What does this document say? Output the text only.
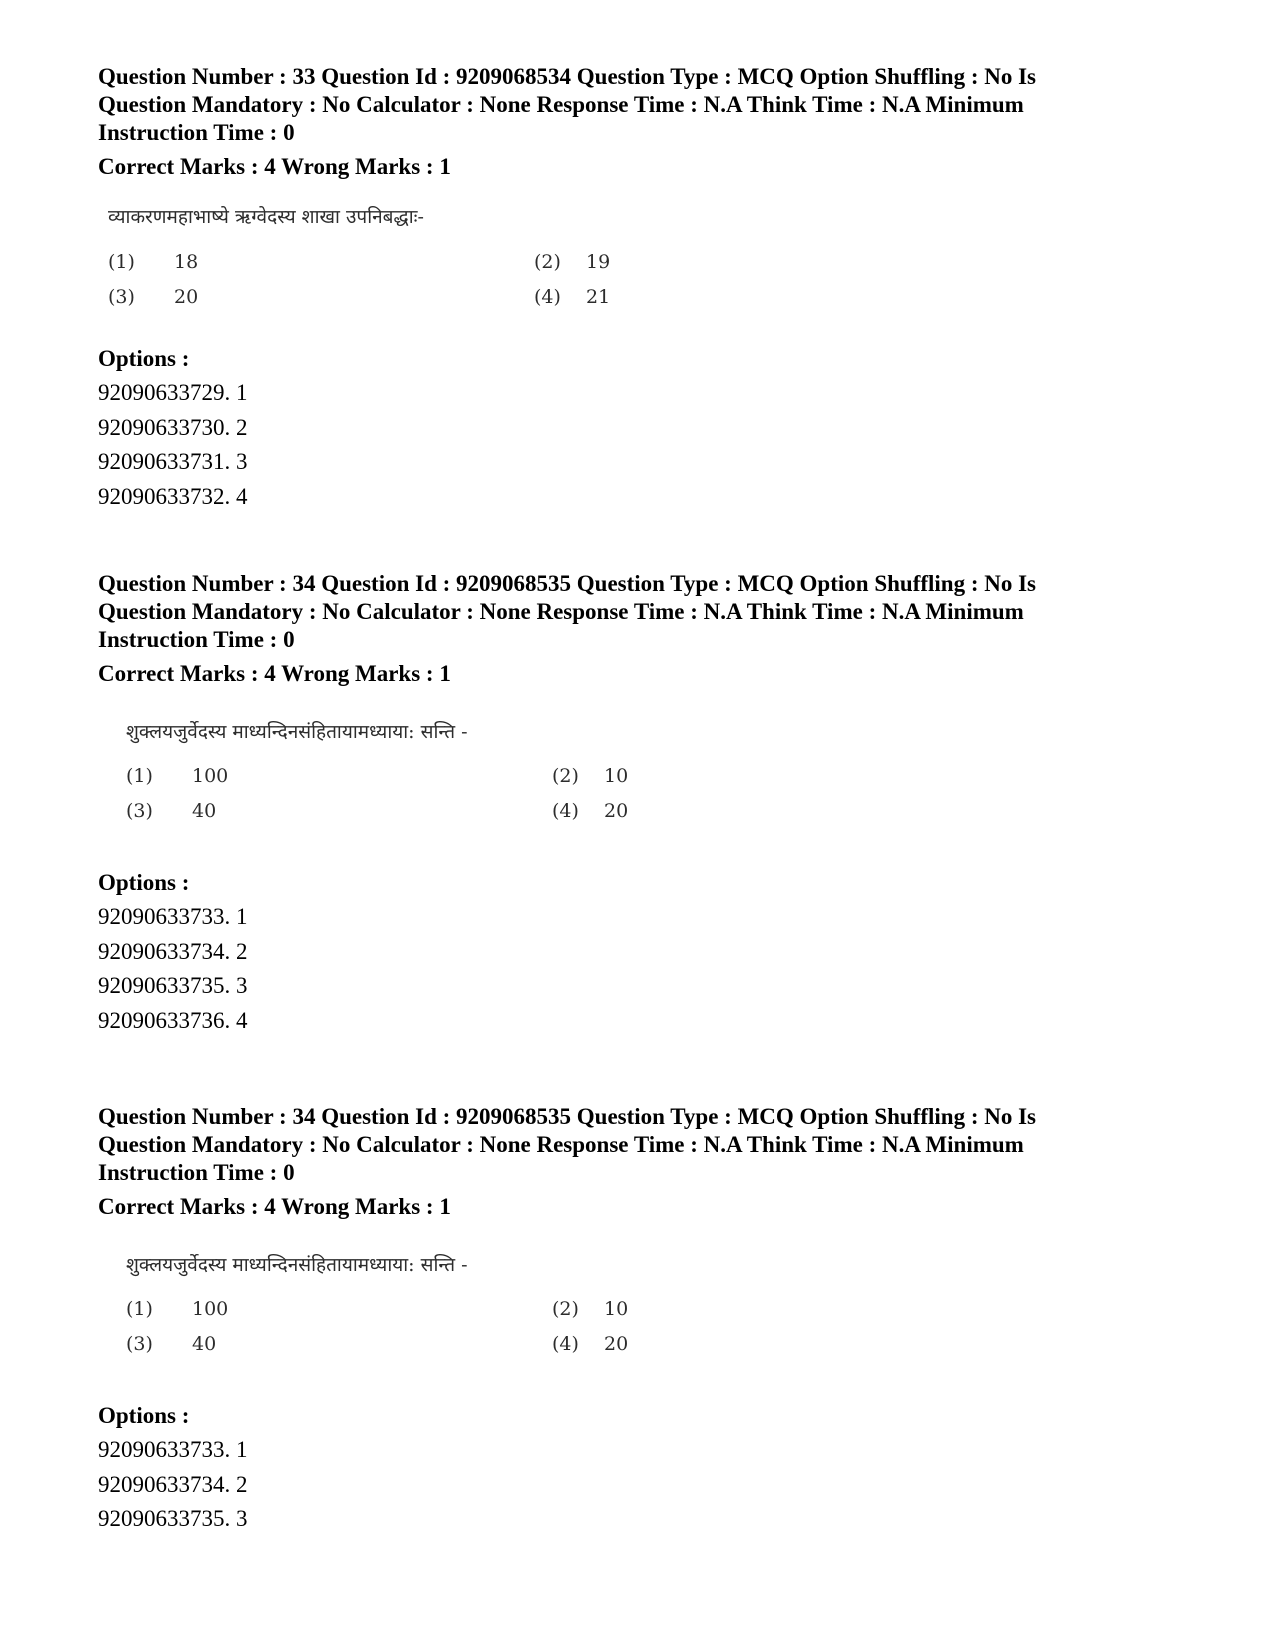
Question Number : 33 Question Id : 9209068534 Question Type : MCQ Option Shuffling : No Is

Question Mandatory : No Calculator : None Response Time : N.A Think Time : N.A Minimum

Instruction Time : 0

Correct Marks : 4 Wrong Marks : 1

व्याकरणमहाभाष्ये ऋग्वेदस्य शाखा उपनिबद्धाः-
(1) 18	(2) 19
(3) 20	(4) 21

Options :

92090633729. 1

92090633730. 2

92090633731. 3

92090633732. 4

Question Number : 34 Question Id : 9209068535 Question Type : MCQ Option Shuffling : No Is

Question Mandatory : No Calculator : None Response Time : N.A Think Time : N.A Minimum

Instruction Time : 0

Correct Marks : 4 Wrong Marks : 1

शुक्लयजुर्वेदस्य माध्यन्दिनसंहितायामध्याया: सन्ति -
(1) 100	(2) 10
(3) 40	(4) 20

Options :

92090633733. 1

92090633734. 2

92090633735. 3

92090633736. 4

Question Number : 34 Question Id : 9209068535 Question Type : MCQ Option Shuffling : No Is

Question Mandatory : No Calculator : None Response Time : N.A Think Time : N.A Minimum

Instruction Time : 0

Correct Marks : 4 Wrong Marks : 1

शुक्लयजुर्वेदस्य माध्यन्दिनसंहितायामध्याया: सन्ति -
(1) 100	(2) 10
(3) 40	(4) 20

Options :

92090633733. 1

92090633734. 2

92090633735. 3
